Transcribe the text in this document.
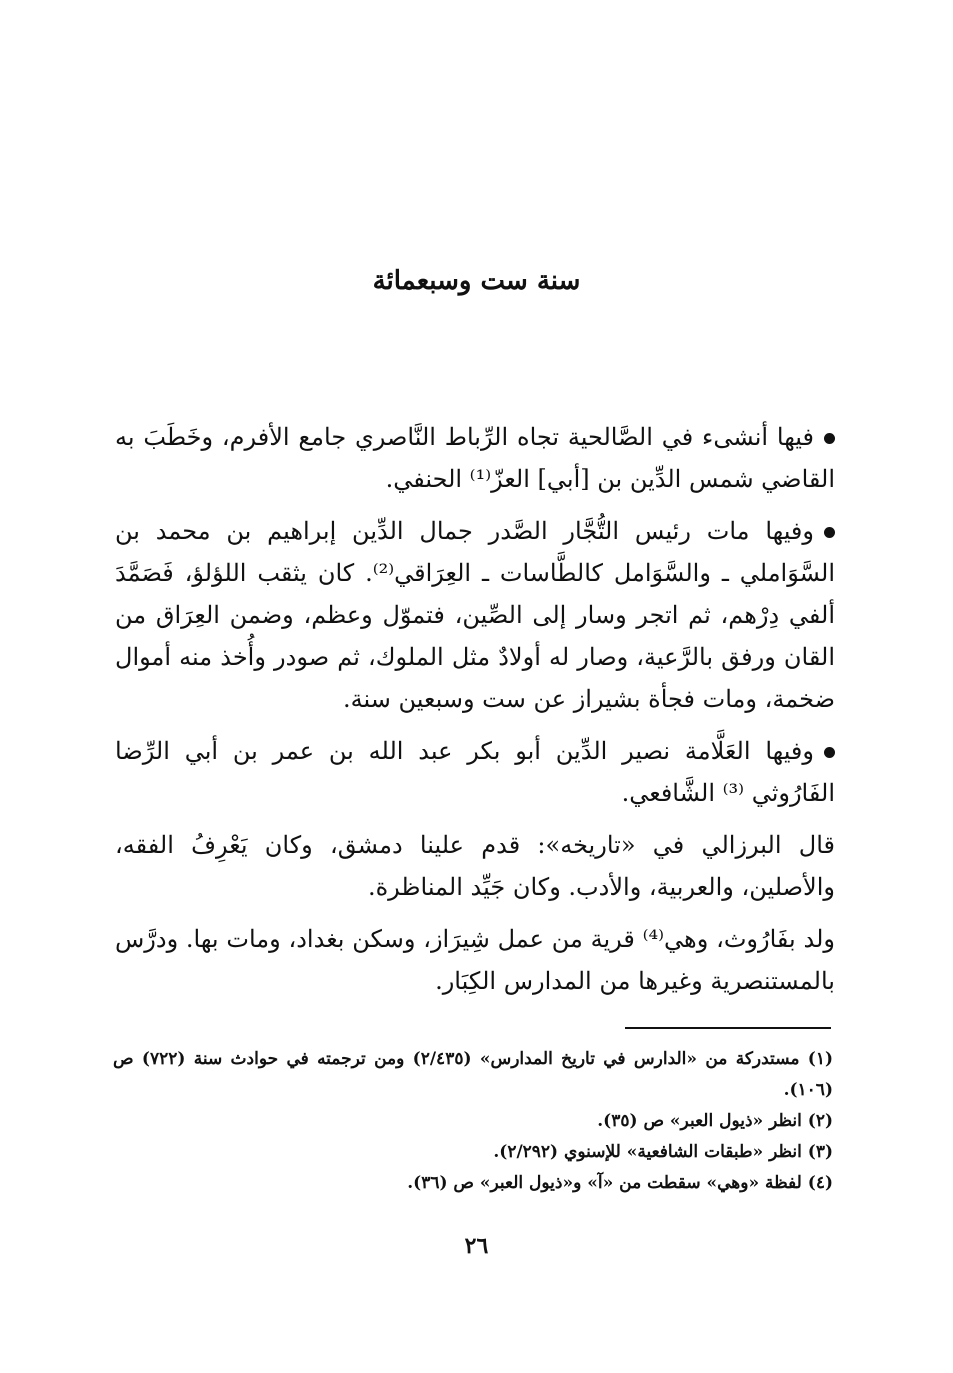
سنة ست وسبعمائة

فيها أنشىء في الصَّالحية تجاه الرِّباط النَّاصري جامع الأفرم، وخَطَبَ به القاضي شمس الدِّين بن [أبي] العزّ⁽¹⁾ الحنفي.

وفيها مات رئيس التُّجَّار الصَّدر جمال الدِّين إبراهيم بن محمد بن السَّوَاملي ـ والسَّوَامل كالطَّاسات ـ العِرَاقي⁽²⁾. كان يثقب اللؤلؤ، فَصَمَّدَ ألفي دِرْهم، ثم اتجر وسار إلى الصِّين، فتموّل وعظم، وضمن العِرَاق من القان ورفق بالرَّعية، وصار له أولادٌ مثل الملوك، ثم صودر وأُخذ منه أموال ضخمة، ومات فجأة بشيراز عن ست وسبعين سنة.

وفيها العَلَّامة نصير الدِّين أبو بكر عبد الله بن عمر بن أبي الرِّضا الفَارُوثي ⁽³⁾ الشَّافعي.

قال البرزالي في «تاريخه»: قدم علينا دمشق، وكان يَعْرِفُ الفقه، والأصلين، والعربية، والأدب. وكان جَيِّد المناظرة.

ولد بفَارُوث، وهي⁽⁴⁾ قرية من عمل شِيرَاز، وسكن بغداد، ومات بها. ودرَّس بالمستنصرية وغيرها من المدارس الكِبَار.

(١) مستدركة من «الدارس في تاريخ المدارس» (٢/٤٣٥) ومن ترجمته في حوادث سنة (٧٢٢) ص (١٠٦).

(٢) انظر «ذيول العبر» ص (٣٥).

(٣) انظر «طبقات الشافعية» للإسنوي (٢/٢٩٢).

(٤) لفظة «وهي» سقطت من «آ» و«ذيول العبر» ص (٣٦).

٢٦
